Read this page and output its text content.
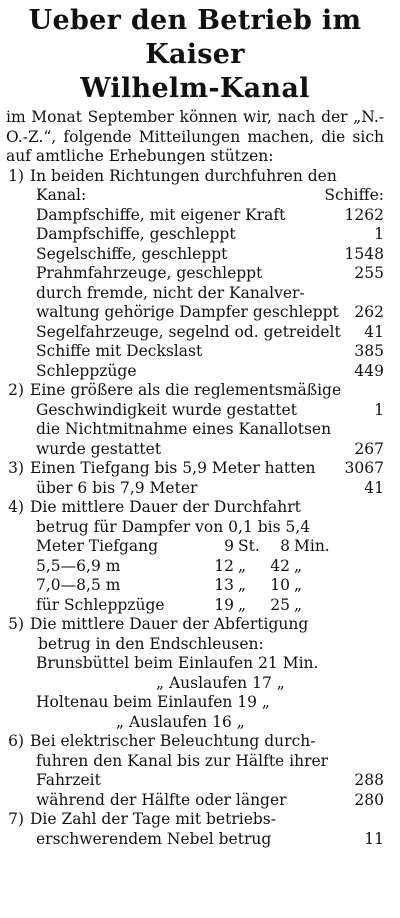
Ueber den Betrieb im Kaiser
Wilhelm-Kanal

im Monat September können wir, nach der „N.-O.-Z.“, folgende Mitteilungen machen, die sich auf amtliche Erhebungen stützen:

1) In beiden Richtungen durchfuhren den
Kanal:	Schiffe:
Dampfschiffe, mit eigener Kraft	1262
Dampfschiffe, geschleppt	1
Segelschiffe, geschleppt	1548
Prahmfahrzeuge, geschleppt	255
durch fremde, nicht der Kanalver-
waltung gehörige Dampfer geschleppt	262
Segelfahrzeuge, segelnd od. getreidelt	41
Schiffe mit Deckslast	385
Schleppzüge	449
2) Eine größere als die reglementsmäßige
Geschwindigkeit wurde gestattet	1
die Nichtmitnahme eines Kanallotsen
wurde gestattet	267
3) Einen Tiefgang bis 5,9 Meter hatten 3067
über 6 bis 7,9 Meter	41
4) Die mittlere Dauer der Durchfahrt
betrug für Dampfer von 0,1 bis 5,4
Meter Tiefgang	9 St.	8 Min.
5,5—6,9 m	12 „	42 „
7,0—8,5 m	13 „	10 „
für Schleppzüge	19 „	25 „
5) Die mittlere Dauer der Abfertigung
betrug in den Endschleusen:
Brunsbüttel beim Einlaufen 21 Min.
„ Auslaufen 17 „
Holtenau beim Einlaufen 19 „
„ Auslaufen 16 „
6) Bei elektrischer Beleuchtung durch-
fuhren den Kanal bis zur Hälfte ihrer
Fahrzeit	288
während der Hälfte oder länger	280
7) Die Zahl der Tage mit betriebs-
erschwerendem Nebel betrug	11
